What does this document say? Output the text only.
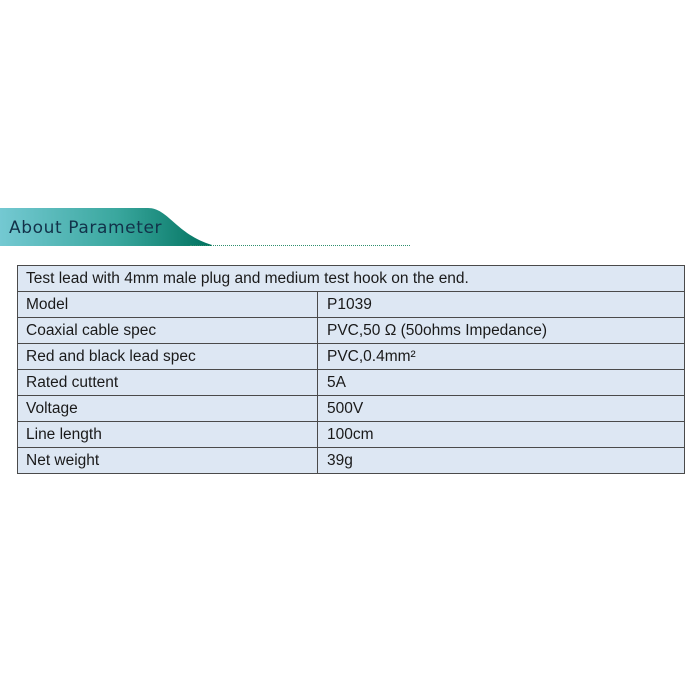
About Parameter
Test lead with 4mm male plug and medium test hook on the end.	
Model	P1039
Coaxial cable spec	PVC,50 Ω (50ohms Impedance)
Red and black lead spec	PVC,0.4mm²
Rated cuttent	5A
Voltage	500V
Line length	100cm
Net weight	39g
